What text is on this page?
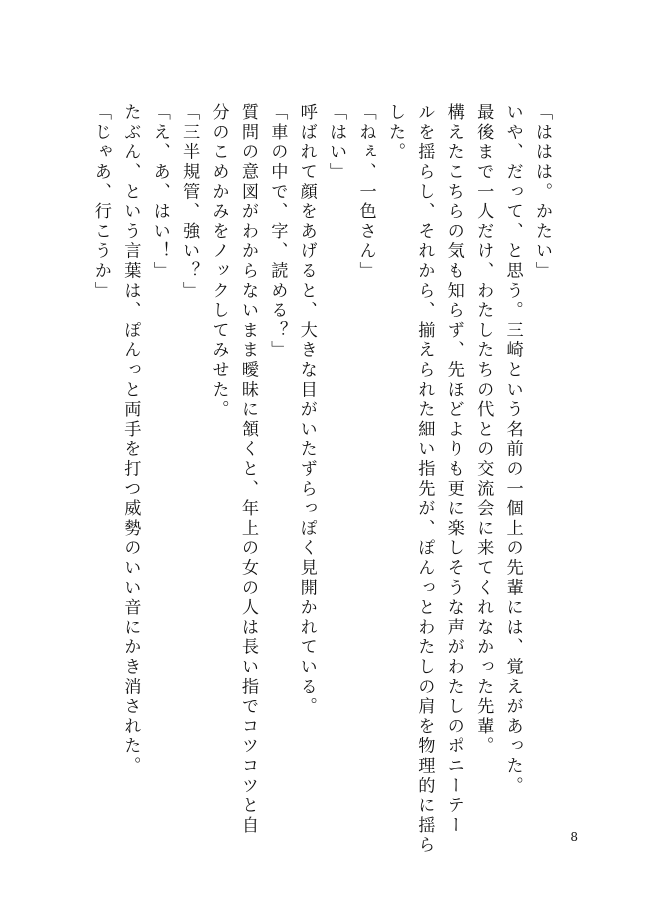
「ははは。かたい」
いや、だって、と思う。三崎という名前の一個上の先輩には、覚えがあった。
最後まで一人だけ、わたしたちの代との交流会に来てくれなかった先輩。
構えたこちらの気も知らず、先ほどよりも更に楽しそうな声がわたしのポニーテー
ルを揺らし、それから、揃えられた細い指先が、ぽんっとわたしの肩を物理的に揺ら
した。
「ねぇ、一色さん」
「はい」
呼ばれて顔をあげると、大きな目がいたずらっぽく見開かれている。
「車の中で、字、読める？」
質問の意図がわからないまま曖昧に頷くと、年上の女の人は長い指でコツコツと自
分のこめかみをノックしてみせた。
「三半規管、強い？」
「え、あ、はい！」
たぶん、という言葉は、ぽんっと両手を打つ威勢のいい音にかき消された。
「じゃあ、行こうか」
8
